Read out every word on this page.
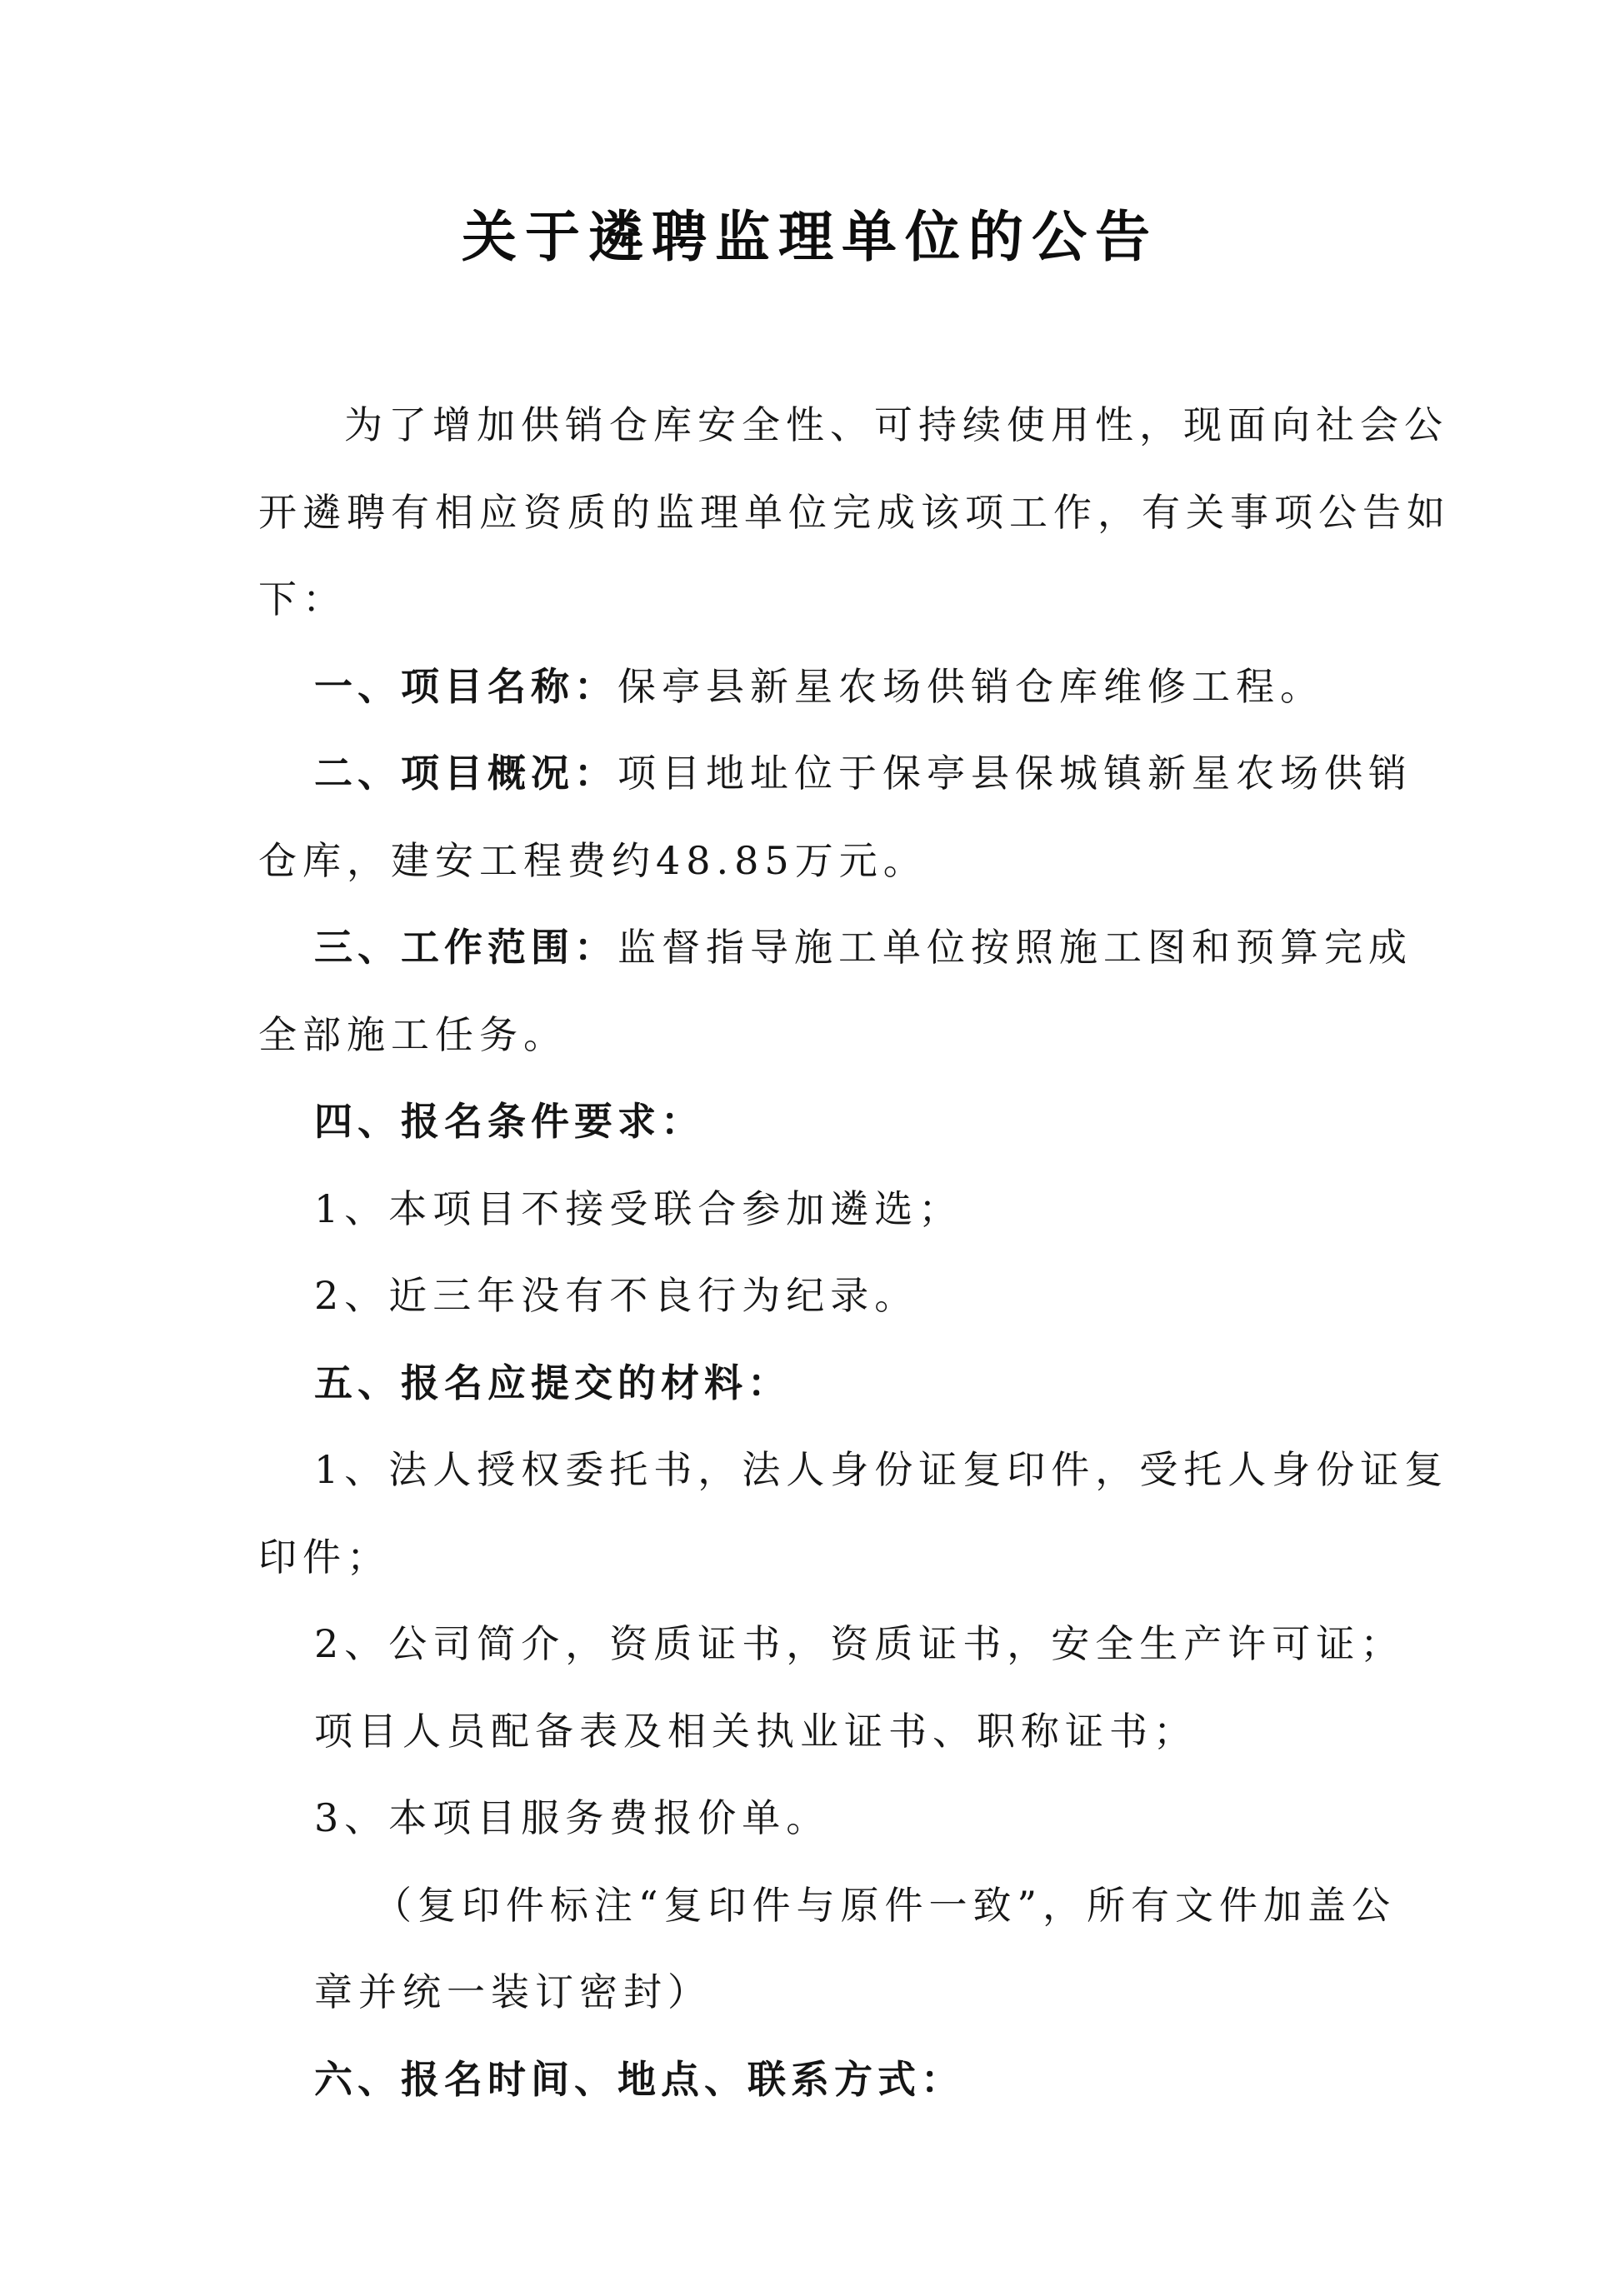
关于遴聘监理单位的公告
为了增加供销仓库安全性、可持续使用性，现面向社会公
开遴聘有相应资质的监理单位完成该项工作，有关事项公告如
下：
一、项目名称：保亭县新星农场供销仓库维修工程。
二、项目概况：项目地址位于保亭县保城镇新星农场供销
仓库，建安工程费约48.85万元。
三、工作范围：监督指导施工单位按照施工图和预算完成
全部施工任务。
四、报名条件要求：
1、本项目不接受联合参加遴选；
2、近三年没有不良行为纪录。
五、报名应提交的材料：
1、法人授权委托书，法人身份证复印件，受托人身份证复
印件；
2、公司简介，资质证书，资质证书，安全生产许可证；
项目人员配备表及相关执业证书、职称证书；
3、本项目服务费报价单。
（复印件标注“复印件与原件一致”，所有文件加盖公
章并统一装订密封）
六、报名时间、地点、联系方式：
